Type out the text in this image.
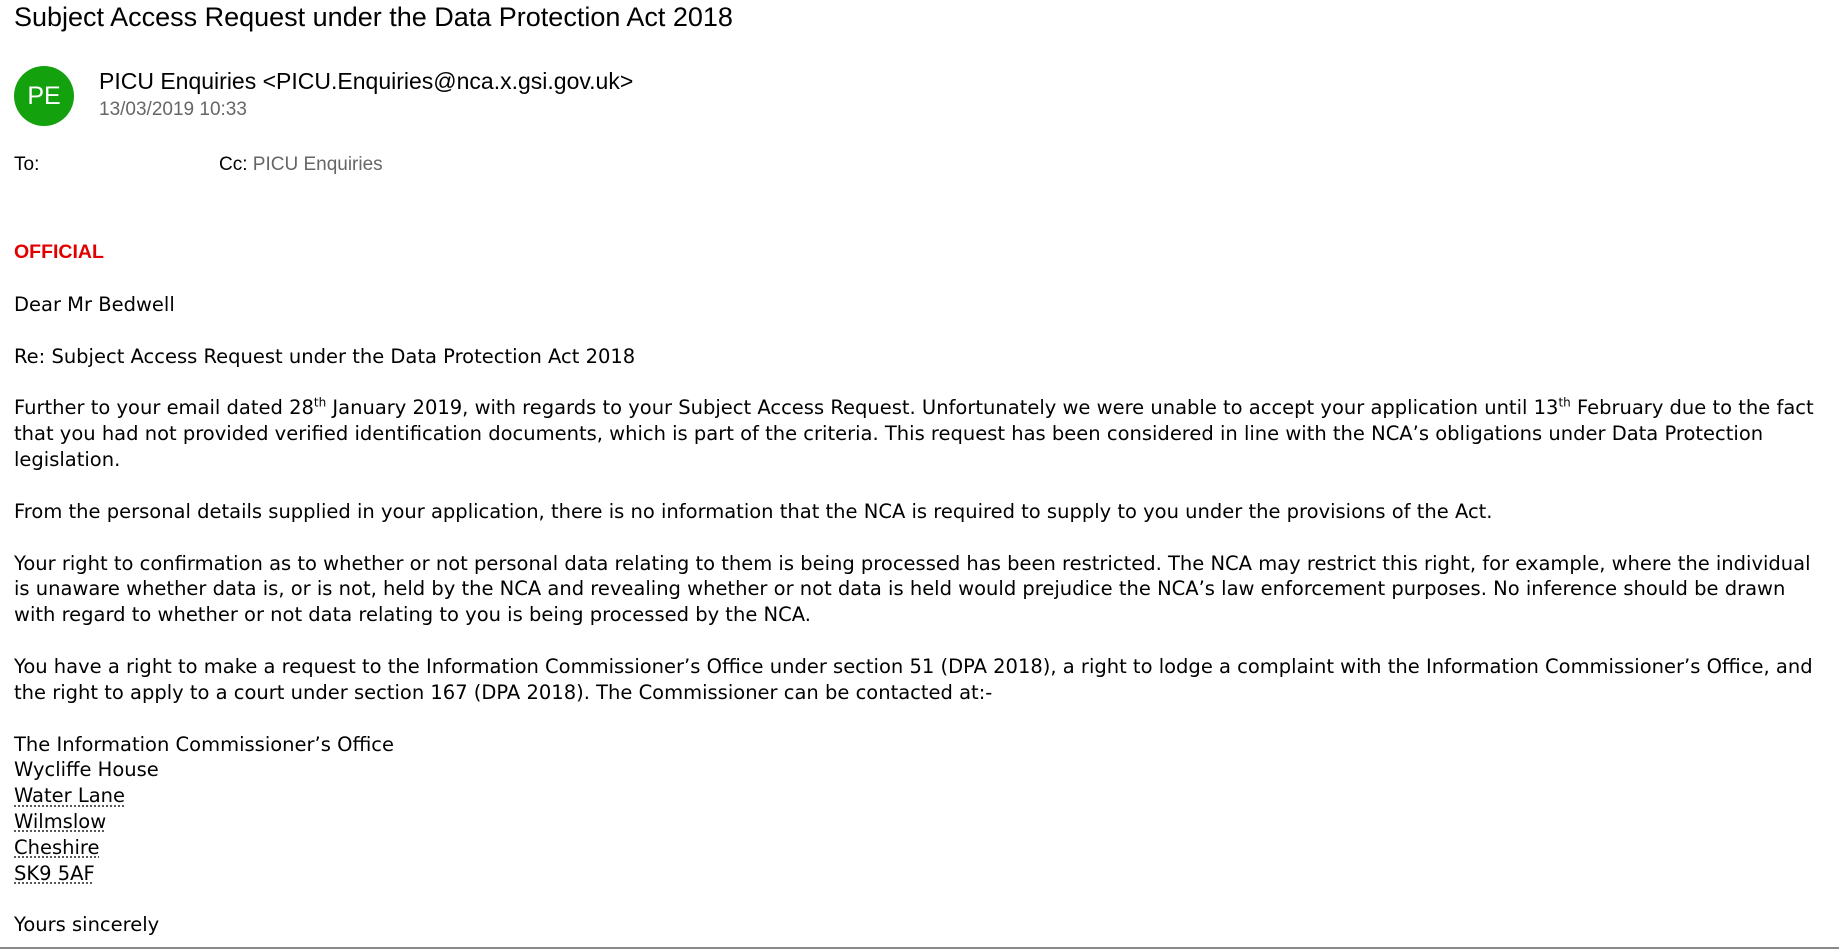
Subject Access Request under the Data Protection Act 2018
PE
PICU Enquiries <PICU.Enquiries@nca.x.gsi.gov.uk>
13/03/2019 10:33
To:	Cc: PICU Enquiries

OFFICIAL

Dear Mr Bedwell

Re: Subject Access Request under the Data Protection Act 2018

Further to your email dated 28th January 2019, with regards to your Subject Access Request. Unfortunately we were unable to accept your application until 13th February due to the fact that you had not provided verified identification documents, which is part of the criteria. This request has been considered in line with the NCA’s obligations under Data Protection legislation.

From the personal details supplied in your application, there is no information that the NCA is required to supply to you under the provisions of the Act.

Your right to confirmation as to whether or not personal data relating to them is being processed has been restricted. The NCA may restrict this right, for example, where the individual is unaware whether data is, or is not, held by the NCA and revealing whether or not data is held would prejudice the NCA’s law enforcement purposes. No inference should be drawn with regard to whether or not data relating to you is being processed by the NCA.

You have a right to make a request to the Information Commissioner’s Office under section 51 (DPA 2018), a right to lodge a complaint with the Information Commissioner’s Office, and the right to apply to a court under section 167 (DPA 2018). The Commissioner can be contacted at:-

The Information Commissioner’s Office
Wycliffe House
Water Lane
Wilmslow
Cheshire
SK9 5AF

Yours sincerely
